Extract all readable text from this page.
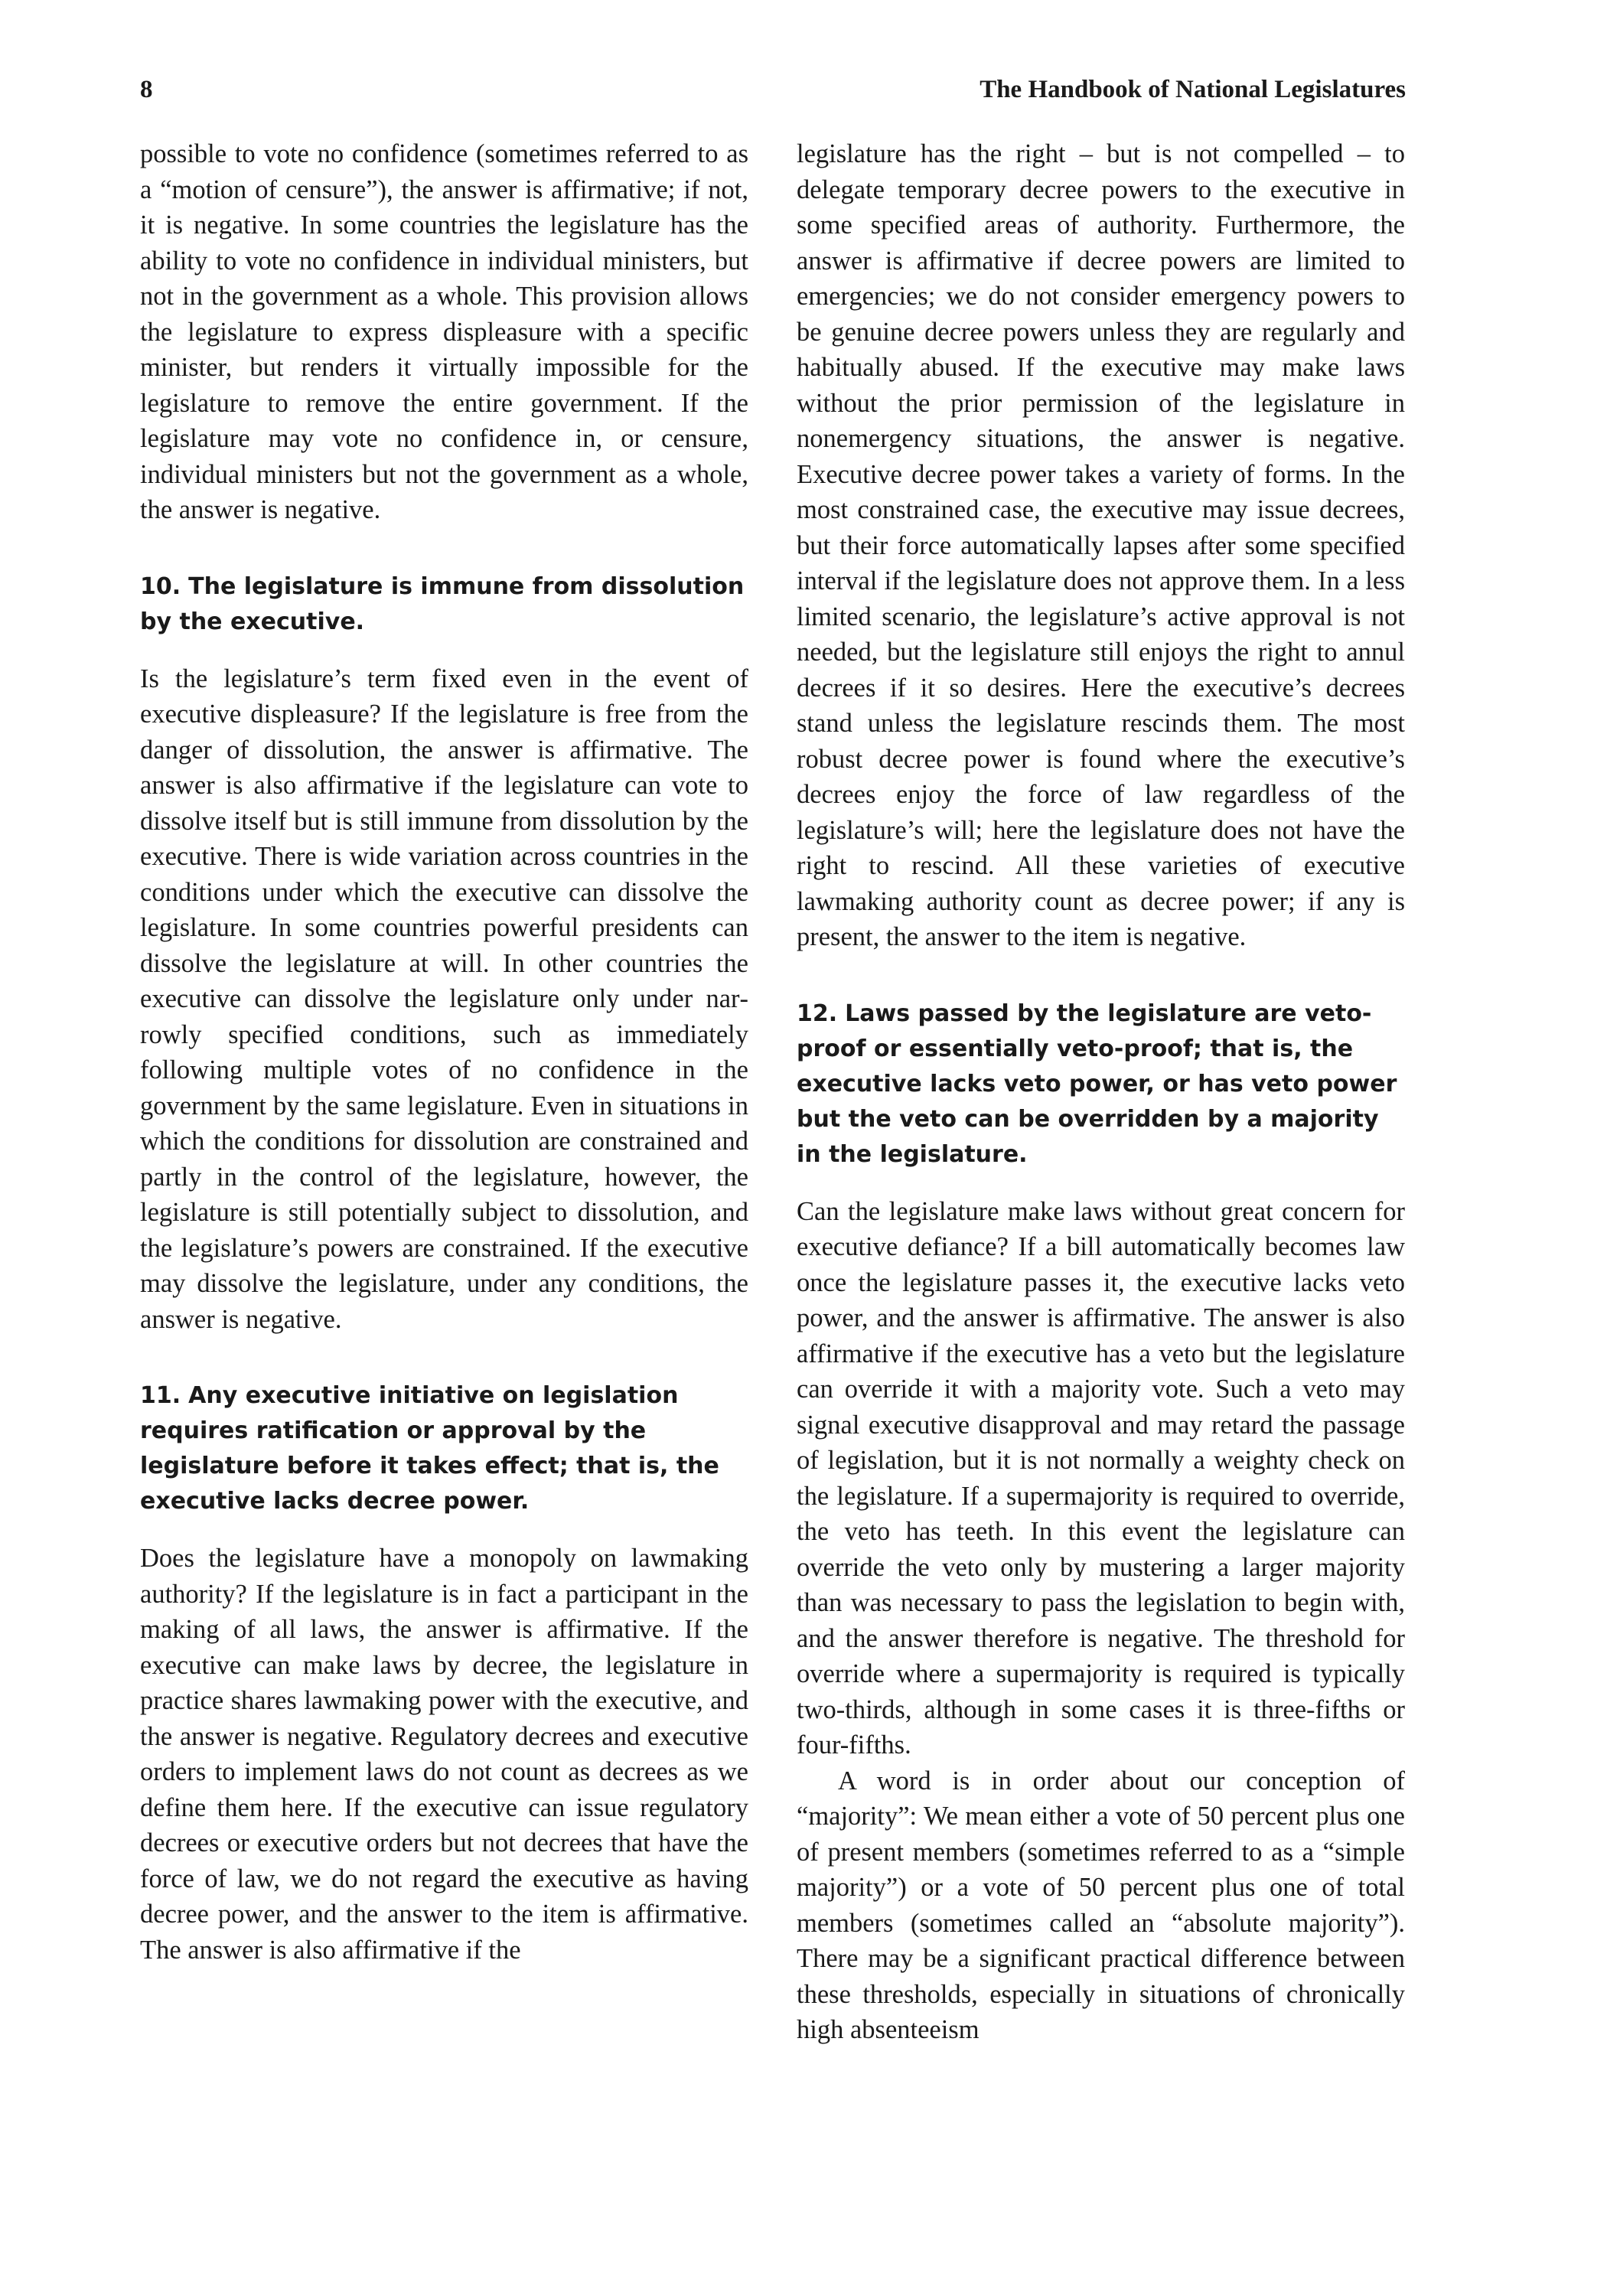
8	The Handbook of National Legislatures

possible to vote no confidence (sometimes referred to as a “motion of censure”), the answer is affirmative; if not, it is negative. In some countries the legislature has the ability to vote no confidence in individual ministers, but not in the government as a whole. This provision allows the legislature to express displeasure with a specific minister, but renders it virtually impossible for the legislature to remove the entire government. If the legislature may vote no confidence in, or censure, individual ministers but not the government as a whole, the answer is negative.

10. The legislature is immune from dissolution by the executive.

Is the legislature’s term fixed even in the event of executive displeasure? If the legislature is free from the danger of dissolution, the answer is affirmative. The answer is also affirmative if the legislature can vote to dissolve itself but is still immune from dissolution by the executive. There is wide variation across countries in the conditions under which the executive can dissolve the legislature. In some countries powerful presidents can dissolve the legislature at will. In other countries the executive can dissolve the legislature only under narrowly specified conditions, such as immediately following multiple votes of no confidence in the government by the same legislature. Even in situations in which the conditions for dissolution are constrained and partly in the control of the legislature, however, the legislature is still potentially subject to dissolution, and the legislature’s powers are constrained. If the executive may dissolve the legislature, under any conditions, the answer is negative.

11. Any executive initiative on legislation requires ratification or approval by the legislature before it takes effect; that is, the executive lacks decree power.

Does the legislature have a monopoly on lawmaking authority? If the legislature is in fact a participant in the making of all laws, the answer is affirmative. If the executive can make laws by decree, the legislature in practice shares lawmaking power with the executive, and the answer is negative. Regulatory decrees and executive orders to implement laws do not count as decrees as we define them here. If the executive can issue regulatory decrees or executive orders but not decrees that have the force of law, we do not regard the executive as having decree power, and the answer to the item is affirmative. The answer is also affirmative if the

legislature has the right – but is not compelled – to delegate temporary decree powers to the executive in some specified areas of authority. Furthermore, the answer is affirmative if decree powers are limited to emergencies; we do not consider emergency powers to be genuine decree powers unless they are regularly and habitually abused. If the executive may make laws without the prior permission of the legislature in nonemergency situations, the answer is negative. Executive decree power takes a variety of forms. In the most constrained case, the executive may issue decrees, but their force automatically lapses after some specified interval if the legislature does not approve them. In a less limited scenario, the legislature’s active approval is not needed, but the legislature still enjoys the right to annul decrees if it so desires. Here the executive’s decrees stand unless the legislature rescinds them. The most robust decree power is found where the executive’s decrees enjoy the force of law regardless of the legislature’s will; here the legislature does not have the right to rescind. All these varieties of executive lawmaking authority count as decree power; if any is present, the answer to the item is negative.

12. Laws passed by the legislature are veto-proof or essentially veto-proof; that is, the executive lacks veto power, or has veto power but the veto can be overridden by a majority in the legislature.

Can the legislature make laws without great concern for executive defiance? If a bill automatically becomes law once the legislature passes it, the executive lacks veto power, and the answer is affirmative. The answer is also affirmative if the executive has a veto but the legislature can override it with a majority vote. Such a veto may signal executive disapproval and may retard the passage of legislation, but it is not normally a weighty check on the legislature. If a supermajority is required to override, the veto has teeth. In this event the legislature can override the veto only by mustering a larger majority than was necessary to pass the legislation to begin with, and the answer therefore is negative. The threshold for override where a supermajority is required is typically two-thirds, although in some cases it is three-fifths or four-fifths.

A word is in order about our conception of “majority”: We mean either a vote of 50 percent plus one of present members (sometimes referred to as a “simple majority”) or a vote of 50 percent plus one of total members (sometimes called an “absolute majority”). There may be a significant practical difference between these thresholds, especially in situations of chronically high absenteeism
